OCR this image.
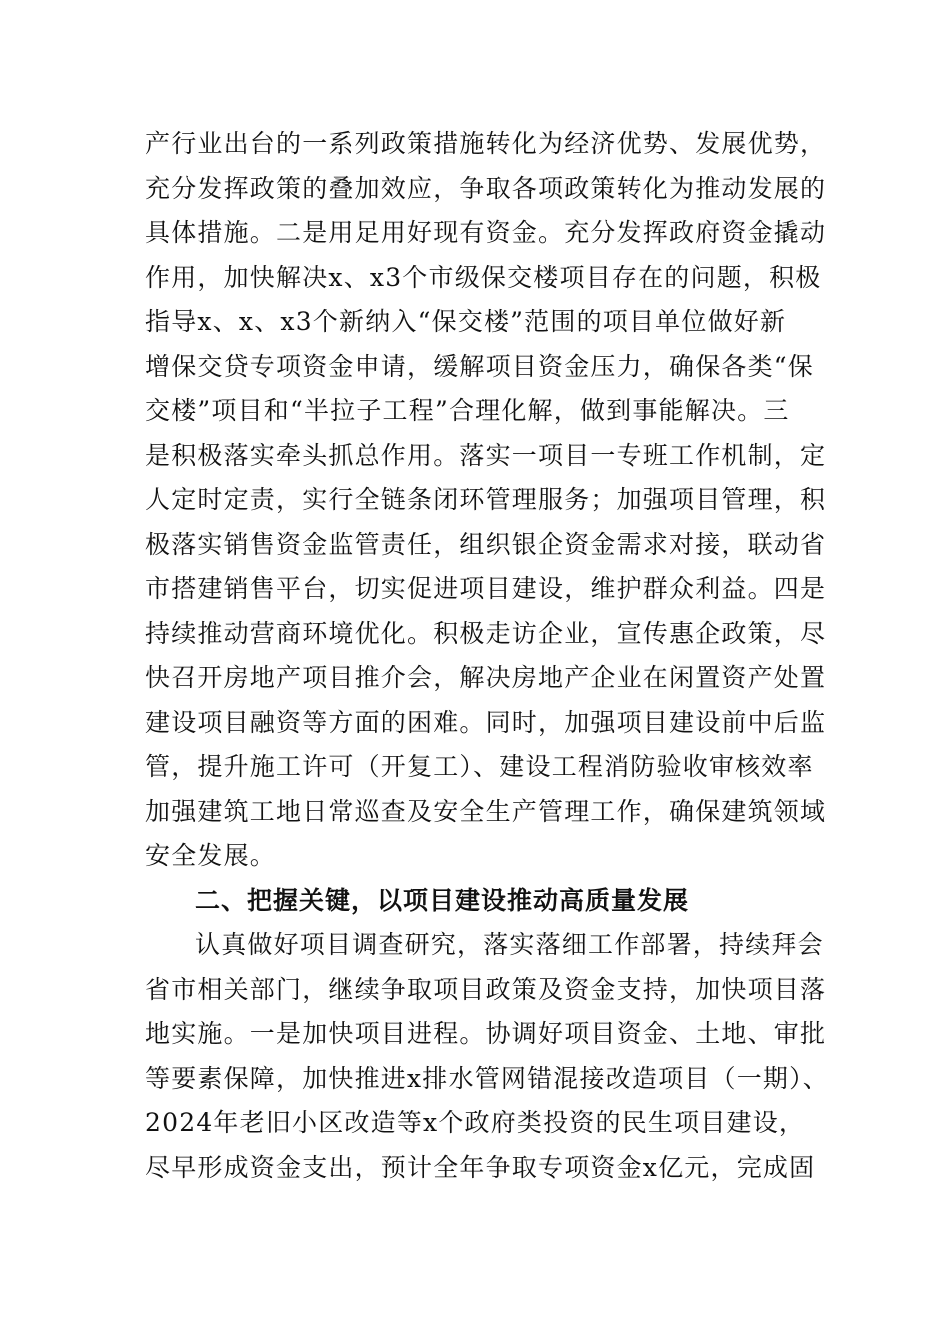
产行业出台的一系列政策措施转化为经济优势、发展优势，
充分发挥政策的叠加效应，争取各项政策转化为推动发展的
具体措施。二是用足用好现有资金。充分发挥政府资金撬动
作用，加快解决x、x3个市级保交楼项目存在的问题，积极
指导x、x、x3个新纳入“保交楼”范围的项目单位做好新
增保交贷专项资金申请，缓解项目资金压力，确保各类“保
交楼”项目和“半拉子工程”合理化解，做到事能解决。三
是积极落实牵头抓总作用。落实一项目一专班工作机制，定
人定时定责，实行全链条闭环管理服务；加强项目管理，积
极落实销售资金监管责任，组织银企资金需求对接，联动省
市搭建销售平台，切实促进项目建设，维护群众利益。四是
持续推动营商环境优化。积极走访企业，宣传惠企政策，尽
快召开房地产项目推介会，解决房地产企业在闲置资产处置
建设项目融资等方面的困难。同时，加强项目建设前中后监
管，提升施工许可（开复工）、建设工程消防验收审核效率
加强建筑工地日常巡查及安全生产管理工作，确保建筑领域
安全发展。
二、把握关键，以项目建设推动高质量发展
认真做好项目调查研究，落实落细工作部署，持续拜会
省市相关部门，继续争取项目政策及资金支持，加快项目落
地实施。一是加快项目进程。协调好项目资金、土地、审批
等要素保障，加快推进x排水管网错混接改造项目（一期）、
2024年老旧小区改造等x个政府类投资的民生项目建设，
尽早形成资金支出，预计全年争取专项资金x亿元，完成固
